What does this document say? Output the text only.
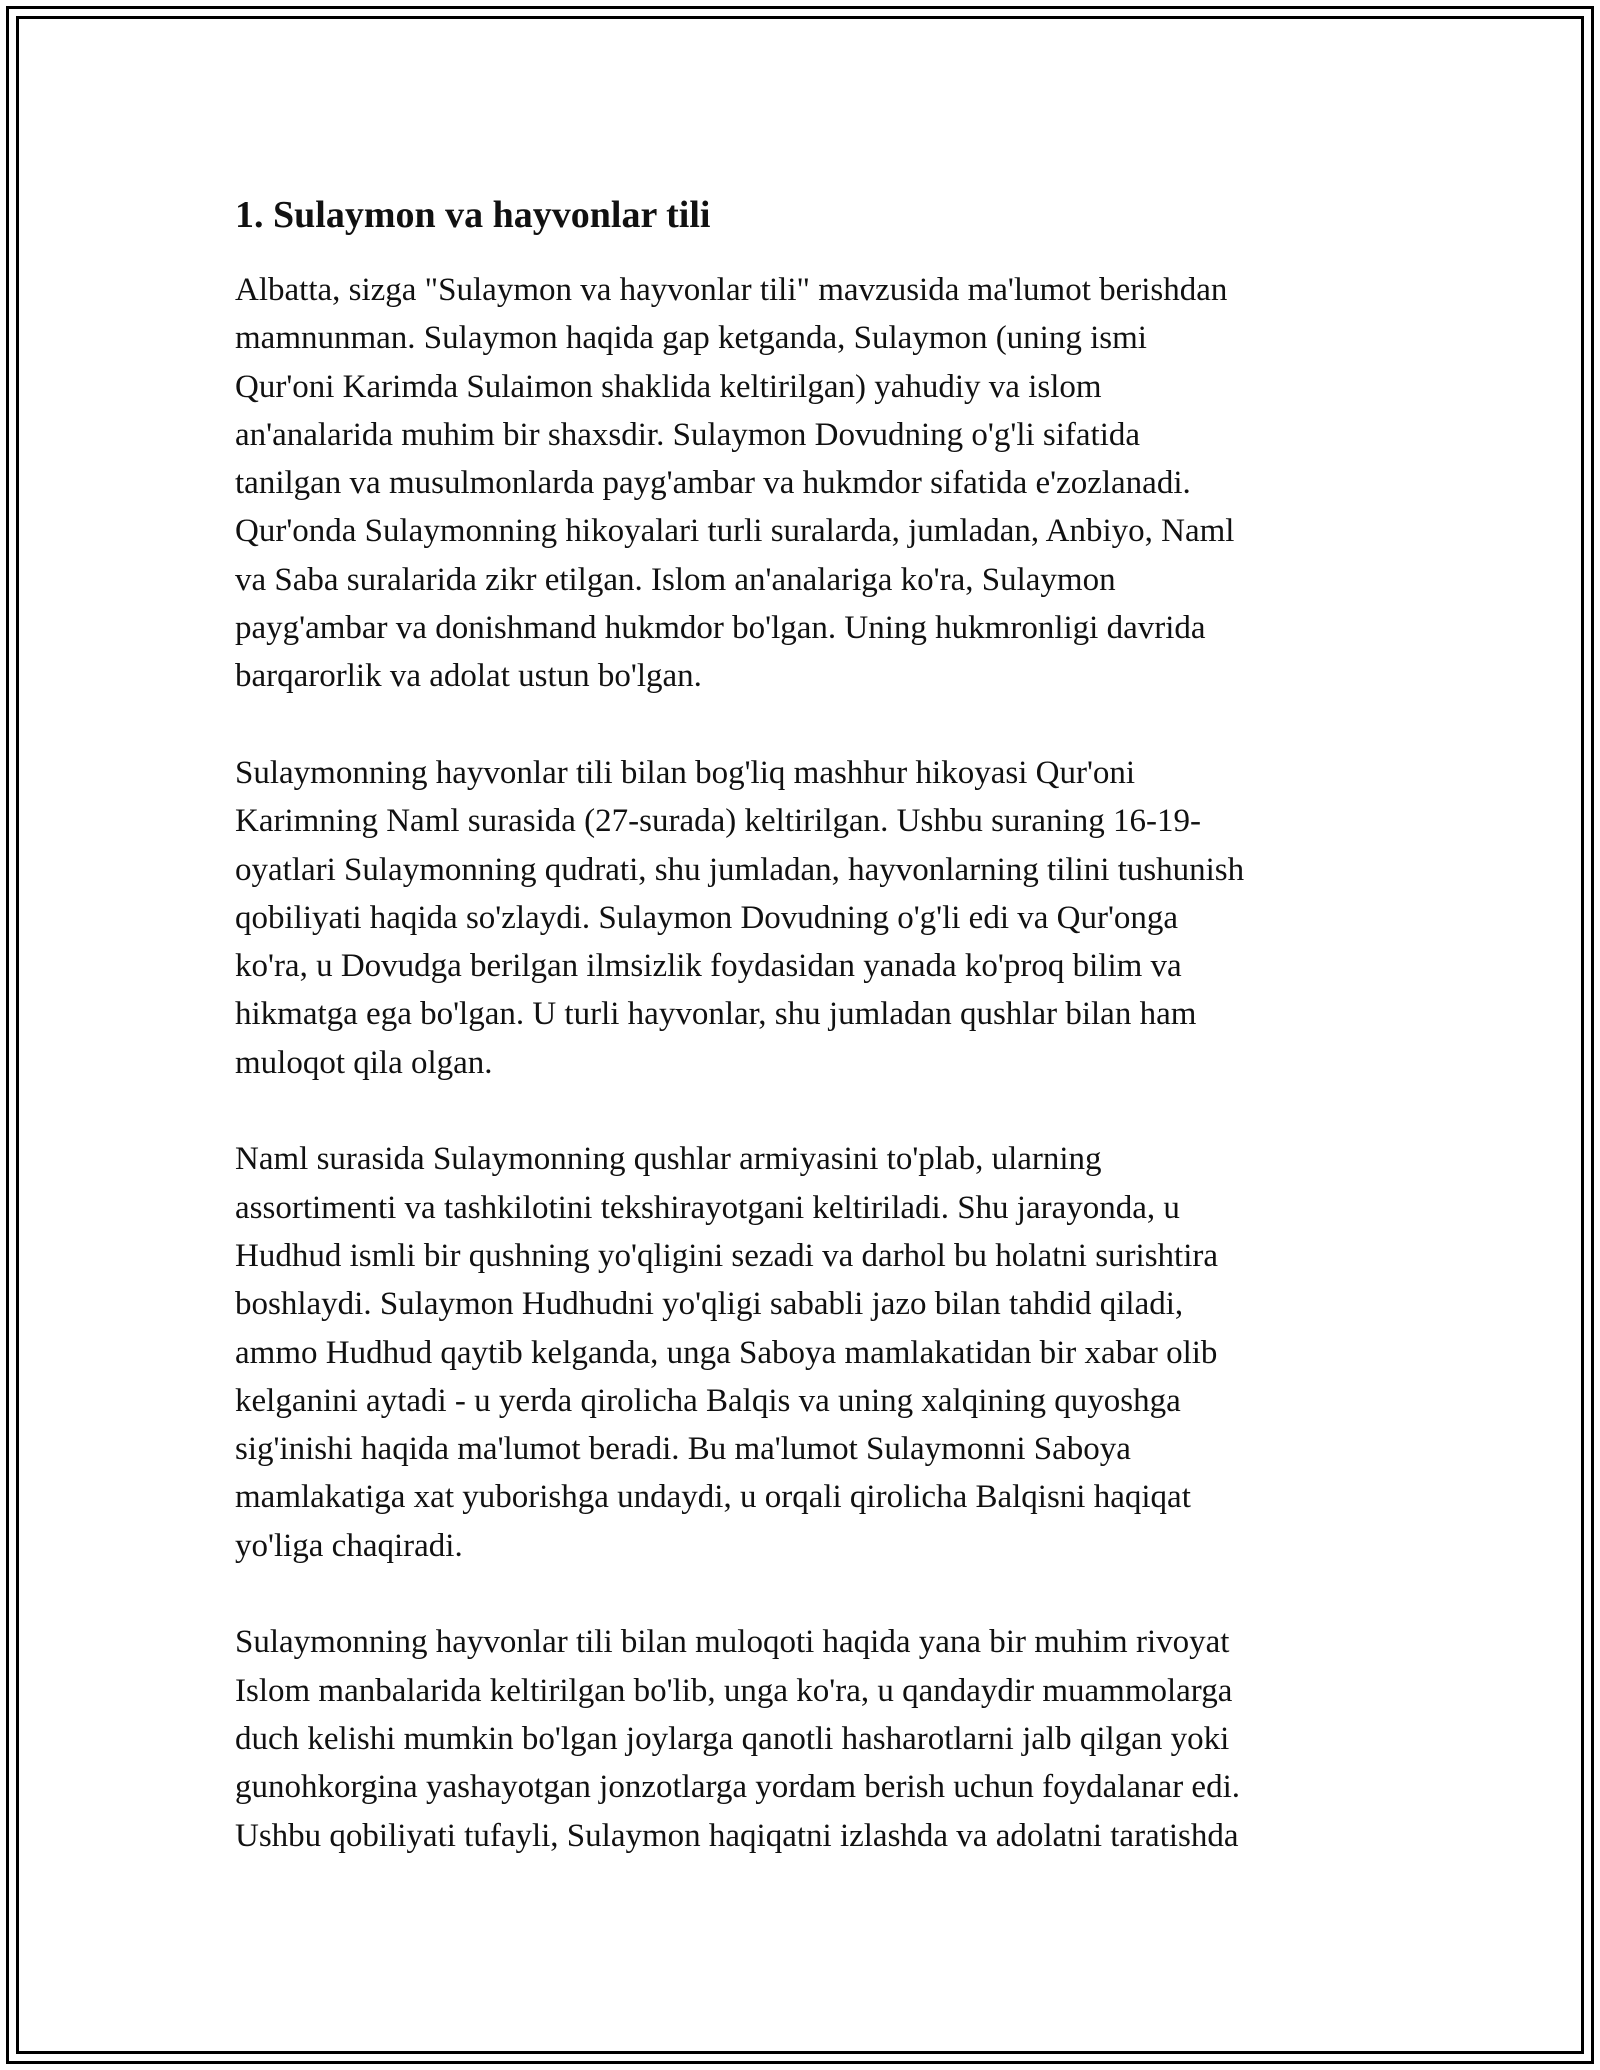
1. Sulaymon va hayvonlar tili
Albatta, sizga "Sulaymon va hayvonlar tili" mavzusida ma'lumot berishdan
mamnunman. Sulaymon haqida gap ketganda, Sulaymon (uning ismi
Qur'oni Karimda Sulaimon shaklida keltirilgan) yahudiy va islom
an'analarida muhim bir shaxsdir. Sulaymon Dovudning o'g'li sifatida
tanilgan va musulmonlarda payg'ambar va hukmdor sifatida e'zozlanadi.
Qur'onda Sulaymonning hikoyalari turli suralarda, jumladan, Anbiyo, Naml
va Saba suralarida zikr etilgan. Islom an'analariga ko'ra, Sulaymon
payg'ambar va donishmand hukmdor bo'lgan. Uning hukmronligi davrida
barqarorlik va adolat ustun bo'lgan.
Sulaymonning hayvonlar tili bilan bog'liq mashhur hikoyasi Qur'oni
Karimning Naml surasida (27-surada) keltirilgan. Ushbu suraning 16-19-
oyatlari Sulaymonning qudrati, shu jumladan, hayvonlarning tilini tushunish
qobiliyati haqida so'zlaydi. Sulaymon Dovudning o'g'li edi va Qur'onga
ko'ra, u Dovudga berilgan ilmsizlik foydasidan yanada ko'proq bilim va
hikmatga ega bo'lgan. U turli hayvonlar, shu jumladan qushlar bilan ham
muloqot qila olgan.
Naml surasida Sulaymonning qushlar armiyasini to'plab, ularning
assortimenti va tashkilotini tekshirayotgani keltiriladi. Shu jarayonda, u
Hudhud ismli bir qushning yo'qligini sezadi va darhol bu holatni surishtira
boshlaydi. Sulaymon Hudhudni yo'qligi sababli jazo bilan tahdid qiladi,
ammo Hudhud qaytib kelganda, unga Saboya mamlakatidan bir xabar olib
kelganini aytadi - u yerda qirolicha Balqis va uning xalqining quyoshga
sig'inishi haqida ma'lumot beradi. Bu ma'lumot Sulaymonni Saboya
mamlakatiga xat yuborishga undaydi, u orqali qirolicha Balqisni haqiqat
yo'liga chaqiradi.
Sulaymonning hayvonlar tili bilan muloqoti haqida yana bir muhim rivoyat
Islom manbalarida keltirilgan bo'lib, unga ko'ra, u qandaydir muammolarga
duch kelishi mumkin bo'lgan joylarga qanotli hasharotlarni jalb qilgan yoki
gunohkorgina yashayotgan jonzotlarga yordam berish uchun foydalanar edi.
Ushbu qobiliyati tufayli, Sulaymon haqiqatni izlashda va adolatni taratishda
